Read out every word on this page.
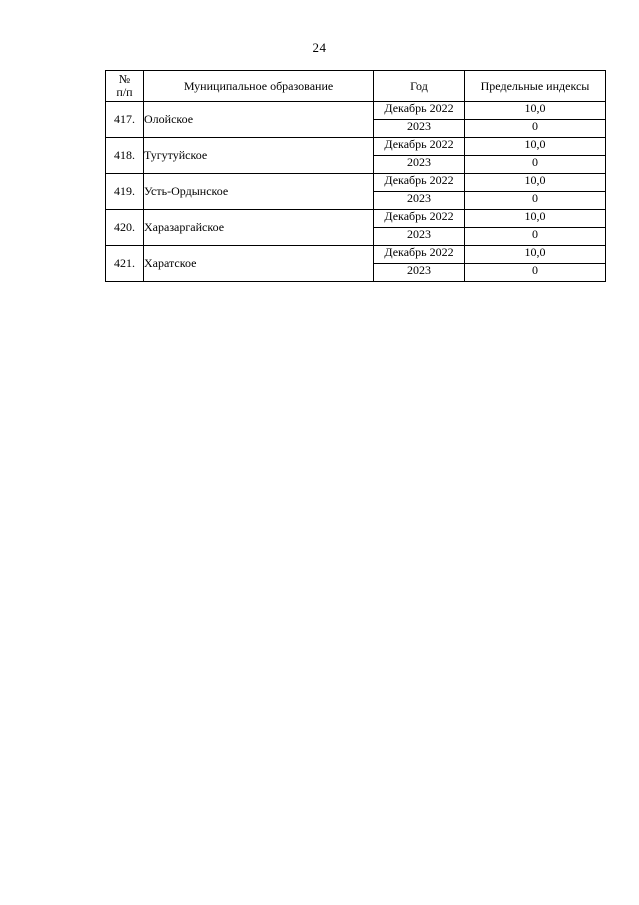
24
№
п/п	Муниципальное образование	Год	Предельные индексы
417.	Олойское	Декабрь 2022	10,0
		2023	0
418.	Тугутуйское	Декабрь 2022	10,0
		2023	0
419.	Усть-Ордынское	Декабрь 2022	10,0
		2023	0
420.	Харазаргайское	Декабрь 2022	10,0
		2023	0
421.	Харатское	Декабрь 2022	10,0
		2023	0
